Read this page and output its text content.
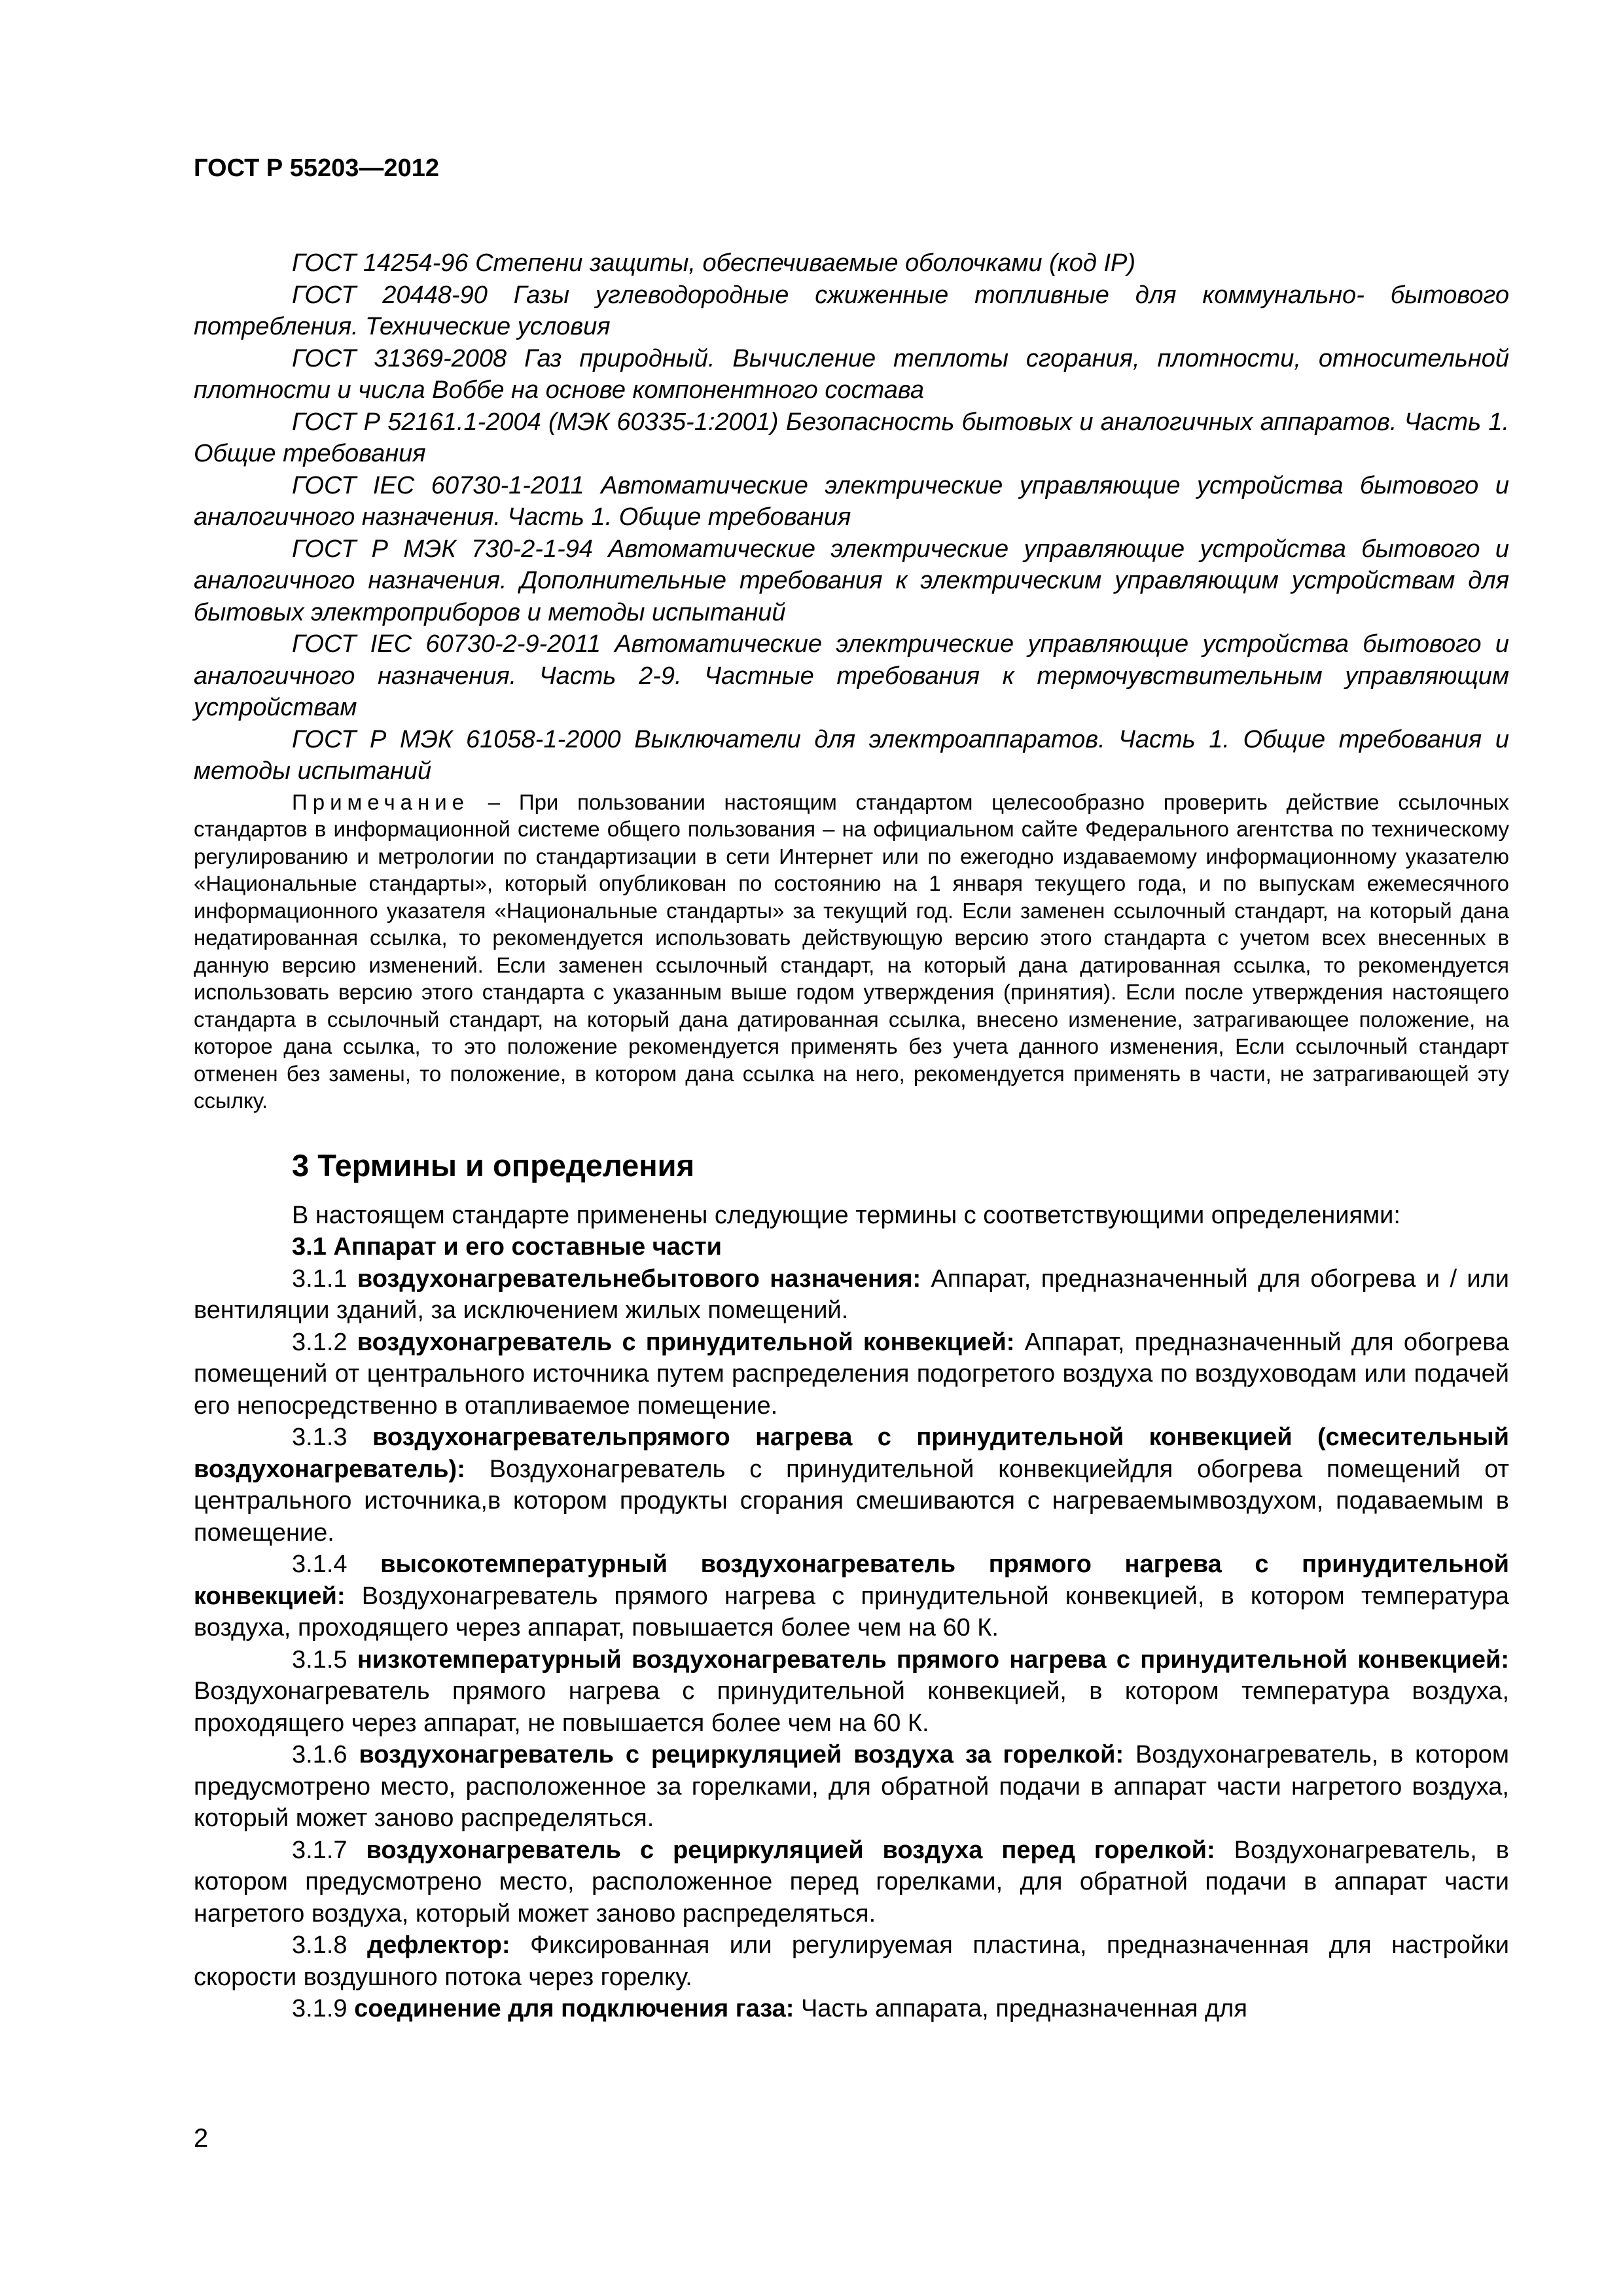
ГОСТ Р 55203—2012

ГОСТ 14254-96 Степени защиты, обеспечиваемые оболочками (код IP)

ГОСТ 20448-90 Газы углеводородные сжиженные топливные для коммунально- бытового потребления. Технические условия

ГОСТ 31369-2008 Газ природный. Вычисление теплоты сгорания, плотности, относительной плотности и числа Воббе на основе компонентного состава

ГОСТ Р 52161.1-2004 (МЭК 60335-1:2001) Безопасность бытовых и аналогичных аппаратов. Часть 1. Общие требования

ГОСТ IEC 60730-1-2011 Автоматические электрические управляющие устройства бытового и аналогичного назначения. Часть 1. Общие требования

ГОСТ Р МЭК 730-2-1-94 Автоматические электрические управляющие устройства бытового и аналогичного назначения. Дополнительные требования к электрическим управляющим устройствам для бытовых электроприборов и методы испытаний

ГОСТ IEC 60730-2-9-2011 Автоматические электрические управляющие устройства бытового и аналогичного назначения. Часть 2-9. Частные требования к термочувствительным управляющим устройствам

ГОСТ Р МЭК 61058-1-2000 Выключатели для электроаппаратов. Часть 1. Общие требования и методы испытаний

Примечание – При пользовании настоящим стандартом целесообразно проверить действие ссылочных стандартов в информационной системе общего пользования – на официальном сайте Федерального агентства по техническому регулированию и метрологии по стандартизации в сети Интернет или по ежегодно издаваемому информационному указателю «Национальные стандарты», который опубликован по состоянию на 1 января текущего года, и по выпускам ежемесячного информационного указателя «Национальные стандарты» за текущий год. Если заменен ссылочный стандарт, на который дана недатированная ссылка, то рекомендуется использовать действующую версию этого стандарта с учетом всех внесенных в данную версию изменений. Если заменен ссылочный стандарт, на который дана датированная ссылка, то рекомендуется использовать версию этого стандарта с указанным выше годом утверждения (принятия). Если после утверждения настоящего стандарта в ссылочный стандарт, на который дана датированная ссылка, внесено изменение, затрагивающее положение, на которое дана ссылка, то это положение рекомендуется применять без учета данного изменения, Если ссылочный стандарт отменен без замены, то положение, в котором дана ссылка на него, рекомендуется применять в части, не затрагивающей эту ссылку.

3 Термины и определения

В настоящем стандарте применены следующие термины с соответствующими определениями:

3.1 Аппарат и его составные части

3.1.1 воздухонагревательнебытового назначения: Аппарат, предназначенный для обогрева и / или вентиляции зданий, за исключением жилых помещений.

3.1.2 воздухонагреватель с принудительной конвекцией: Аппарат, предназначенный для обогрева помещений от центрального источника путем распределения подогретого воздуха по воздуховодам или подачей его непосредственно в отапливаемое помещение.

3.1.3 воздухонагревательпрямого нагрева с принудительной конвекцией (смесительный воздухонагреватель): Воздухонагреватель с принудительной конвекциейдля обогрева помещений от центрального источника,в котором продукты сгорания смешиваются с нагреваемымвоздухом, подаваемым в помещение.

3.1.4 высокотемпературный воздухонагреватель прямого нагрева с принудительной конвекцией: Воздухонагреватель прямого нагрева с принудительной конвекцией, в котором температура воздуха, проходящего через аппарат, повышается более чем на 60 К.

3.1.5 низкотемпературный воздухонагреватель прямого нагрева с принудительной конвекцией: Воздухонагреватель прямого нагрева с принудительной конвекцией, в котором температура воздуха, проходящего через аппарат, не повышается более чем на 60 К.

3.1.6 воздухонагреватель с рециркуляцией воздуха за горелкой: Воздухонагреватель, в котором предусмотрено место, расположенное за горелками, для обратной подачи в аппарат части нагретого воздуха, который может заново распределяться.

3.1.7 воздухонагреватель с рециркуляцией воздуха перед горелкой: Воздухонагреватель, в котором предусмотрено место, расположенное перед горелками, для обратной подачи в аппарат части нагретого воздуха, который может заново распределяться.

3.1.8 дефлектор: Фиксированная или регулируемая пластина, предназначенная для настройки скорости воздушного потока через горелку.

3.1.9 соединение для подключения газа: Часть аппарата, предназначенная для

2
